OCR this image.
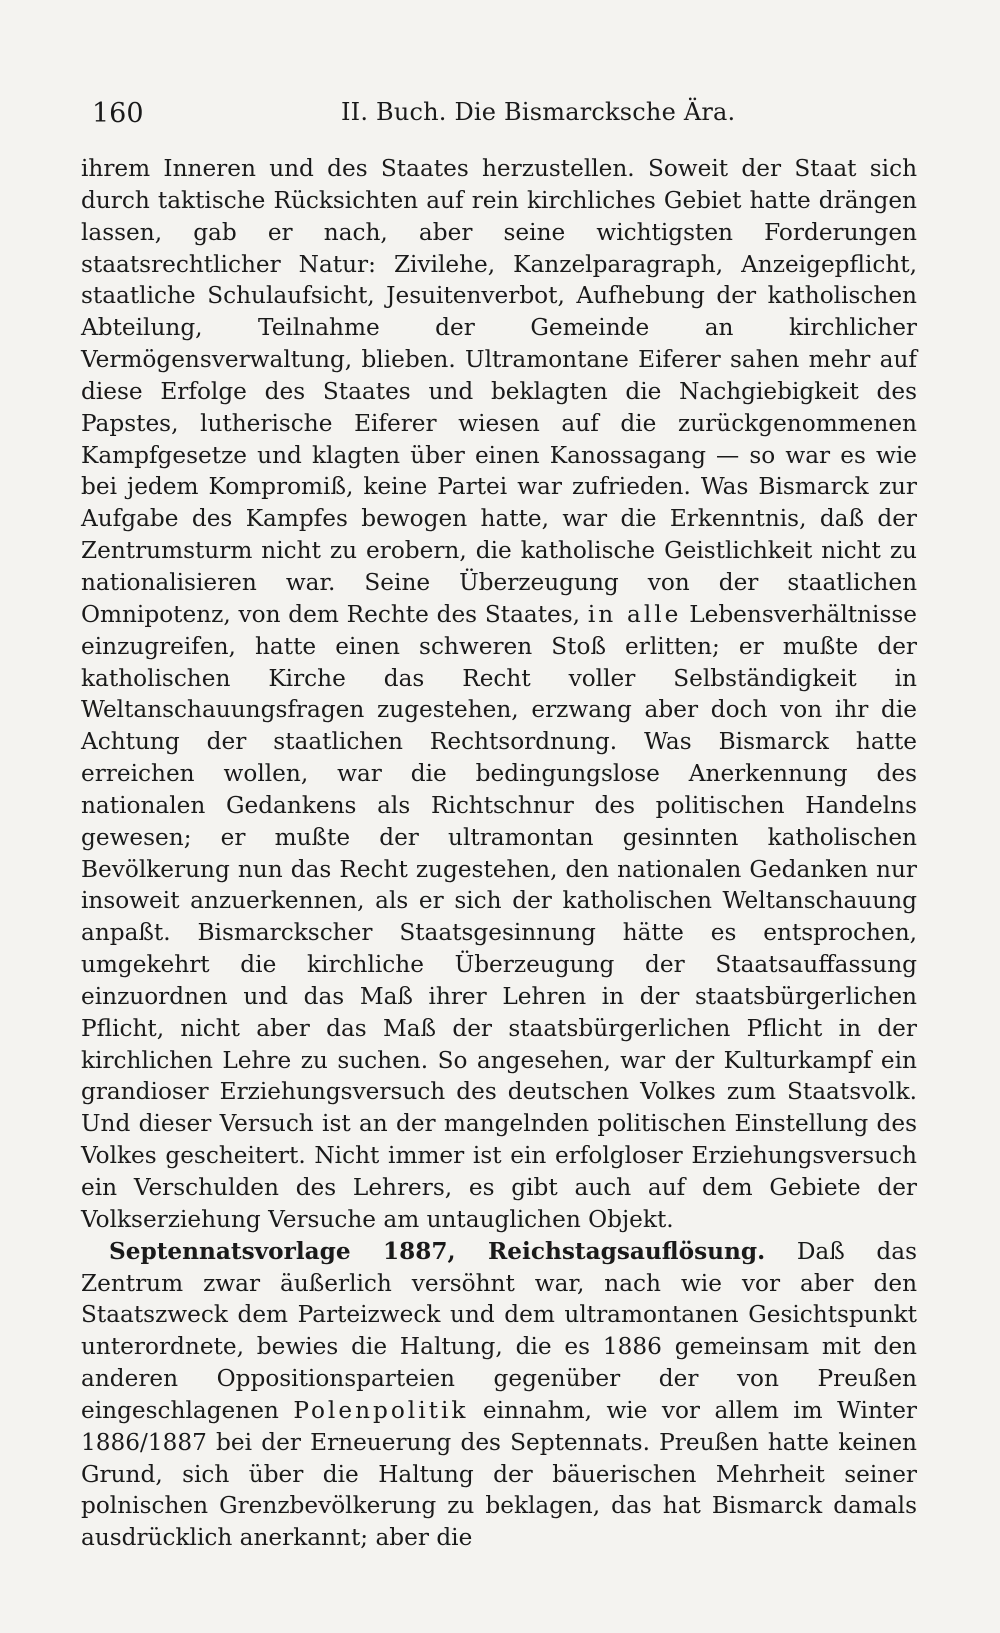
160	II. Buch. Die Bismarcksche Ära.

ihrem Inneren und des Staates herzustellen. Soweit der Staat sich durch taktische Rücksichten auf rein kirchliches Gebiet hatte drängen lassen, gab er nach, aber seine wichtigsten Forderungen staatsrechtlicher Natur: Zivilehe, Kanzelparagraph, Anzeigepflicht, staatliche Schulaufsicht, Jesuitenverbot, Aufhebung der katholischen Abteilung, Teilnahme der Gemeinde an kirchlicher Vermögensverwaltung, blieben. Ultramontane Eiferer sahen mehr auf diese Erfolge des Staates und beklagten die Nachgiebigkeit des Papstes, lutherische Eiferer wiesen auf die zurückgenommenen Kampfgesetze und klagten über einen Kanossagang — so war es wie bei jedem Kompromiß, keine Partei war zufrieden. Was Bismarck zur Aufgabe des Kampfes bewogen hatte, war die Erkenntnis, daß der Zentrumsturm nicht zu erobern, die katholische Geistlichkeit nicht zu nationalisieren war. Seine Überzeugung von der staatlichen Omnipotenz, von dem Rechte des Staates, in alle Lebensverhältnisse einzugreifen, hatte einen schweren Stoß erlitten; er mußte der katholischen Kirche das Recht voller Selbständigkeit in Weltanschauungsfragen zugestehen, erzwang aber doch von ihr die Achtung der staatlichen Rechtsordnung. Was Bismarck hatte erreichen wollen, war die bedingungslose Anerkennung des nationalen Gedankens als Richtschnur des politischen Handelns gewesen; er mußte der ultramontan gesinnten katholischen Bevölkerung nun das Recht zugestehen, den nationalen Gedanken nur insoweit anzuerkennen, als er sich der katholischen Weltanschauung anpaßt. Bismarckscher Staatsgesinnung hätte es entsprochen, umgekehrt die kirchliche Überzeugung der Staatsauffassung einzuordnen und das Maß ihrer Lehren in der staatsbürgerlichen Pflicht, nicht aber das Maß der staatsbürgerlichen Pflicht in der kirchlichen Lehre zu suchen. So angesehen, war der Kulturkampf ein grandioser Erziehungsversuch des deutschen Volkes zum Staatsvolk. Und dieser Versuch ist an der mangelnden politischen Einstellung des Volkes gescheitert. Nicht immer ist ein erfolgloser Erziehungsversuch ein Verschulden des Lehrers, es gibt auch auf dem Gebiete der Volkserziehung Versuche am untauglichen Objekt.

Septennatsvorlage 1887, Reichstagsauflösung. Daß das Zentrum zwar äußerlich versöhnt war, nach wie vor aber den Staatszweck dem Parteizweck und dem ultramontanen Gesichtspunkt unterordnete, bewies die Haltung, die es 1886 gemeinsam mit den anderen Oppositionsparteien gegenüber der von Preußen eingeschlagenen Polenpolitik einnahm, wie vor allem im Winter 1886/1887 bei der Erneuerung des Septennats. Preußen hatte keinen Grund, sich über die Haltung der bäuerischen Mehrheit seiner polnischen Grenzbevölkerung zu beklagen, das hat Bismarck damals ausdrücklich anerkannt; aber die
